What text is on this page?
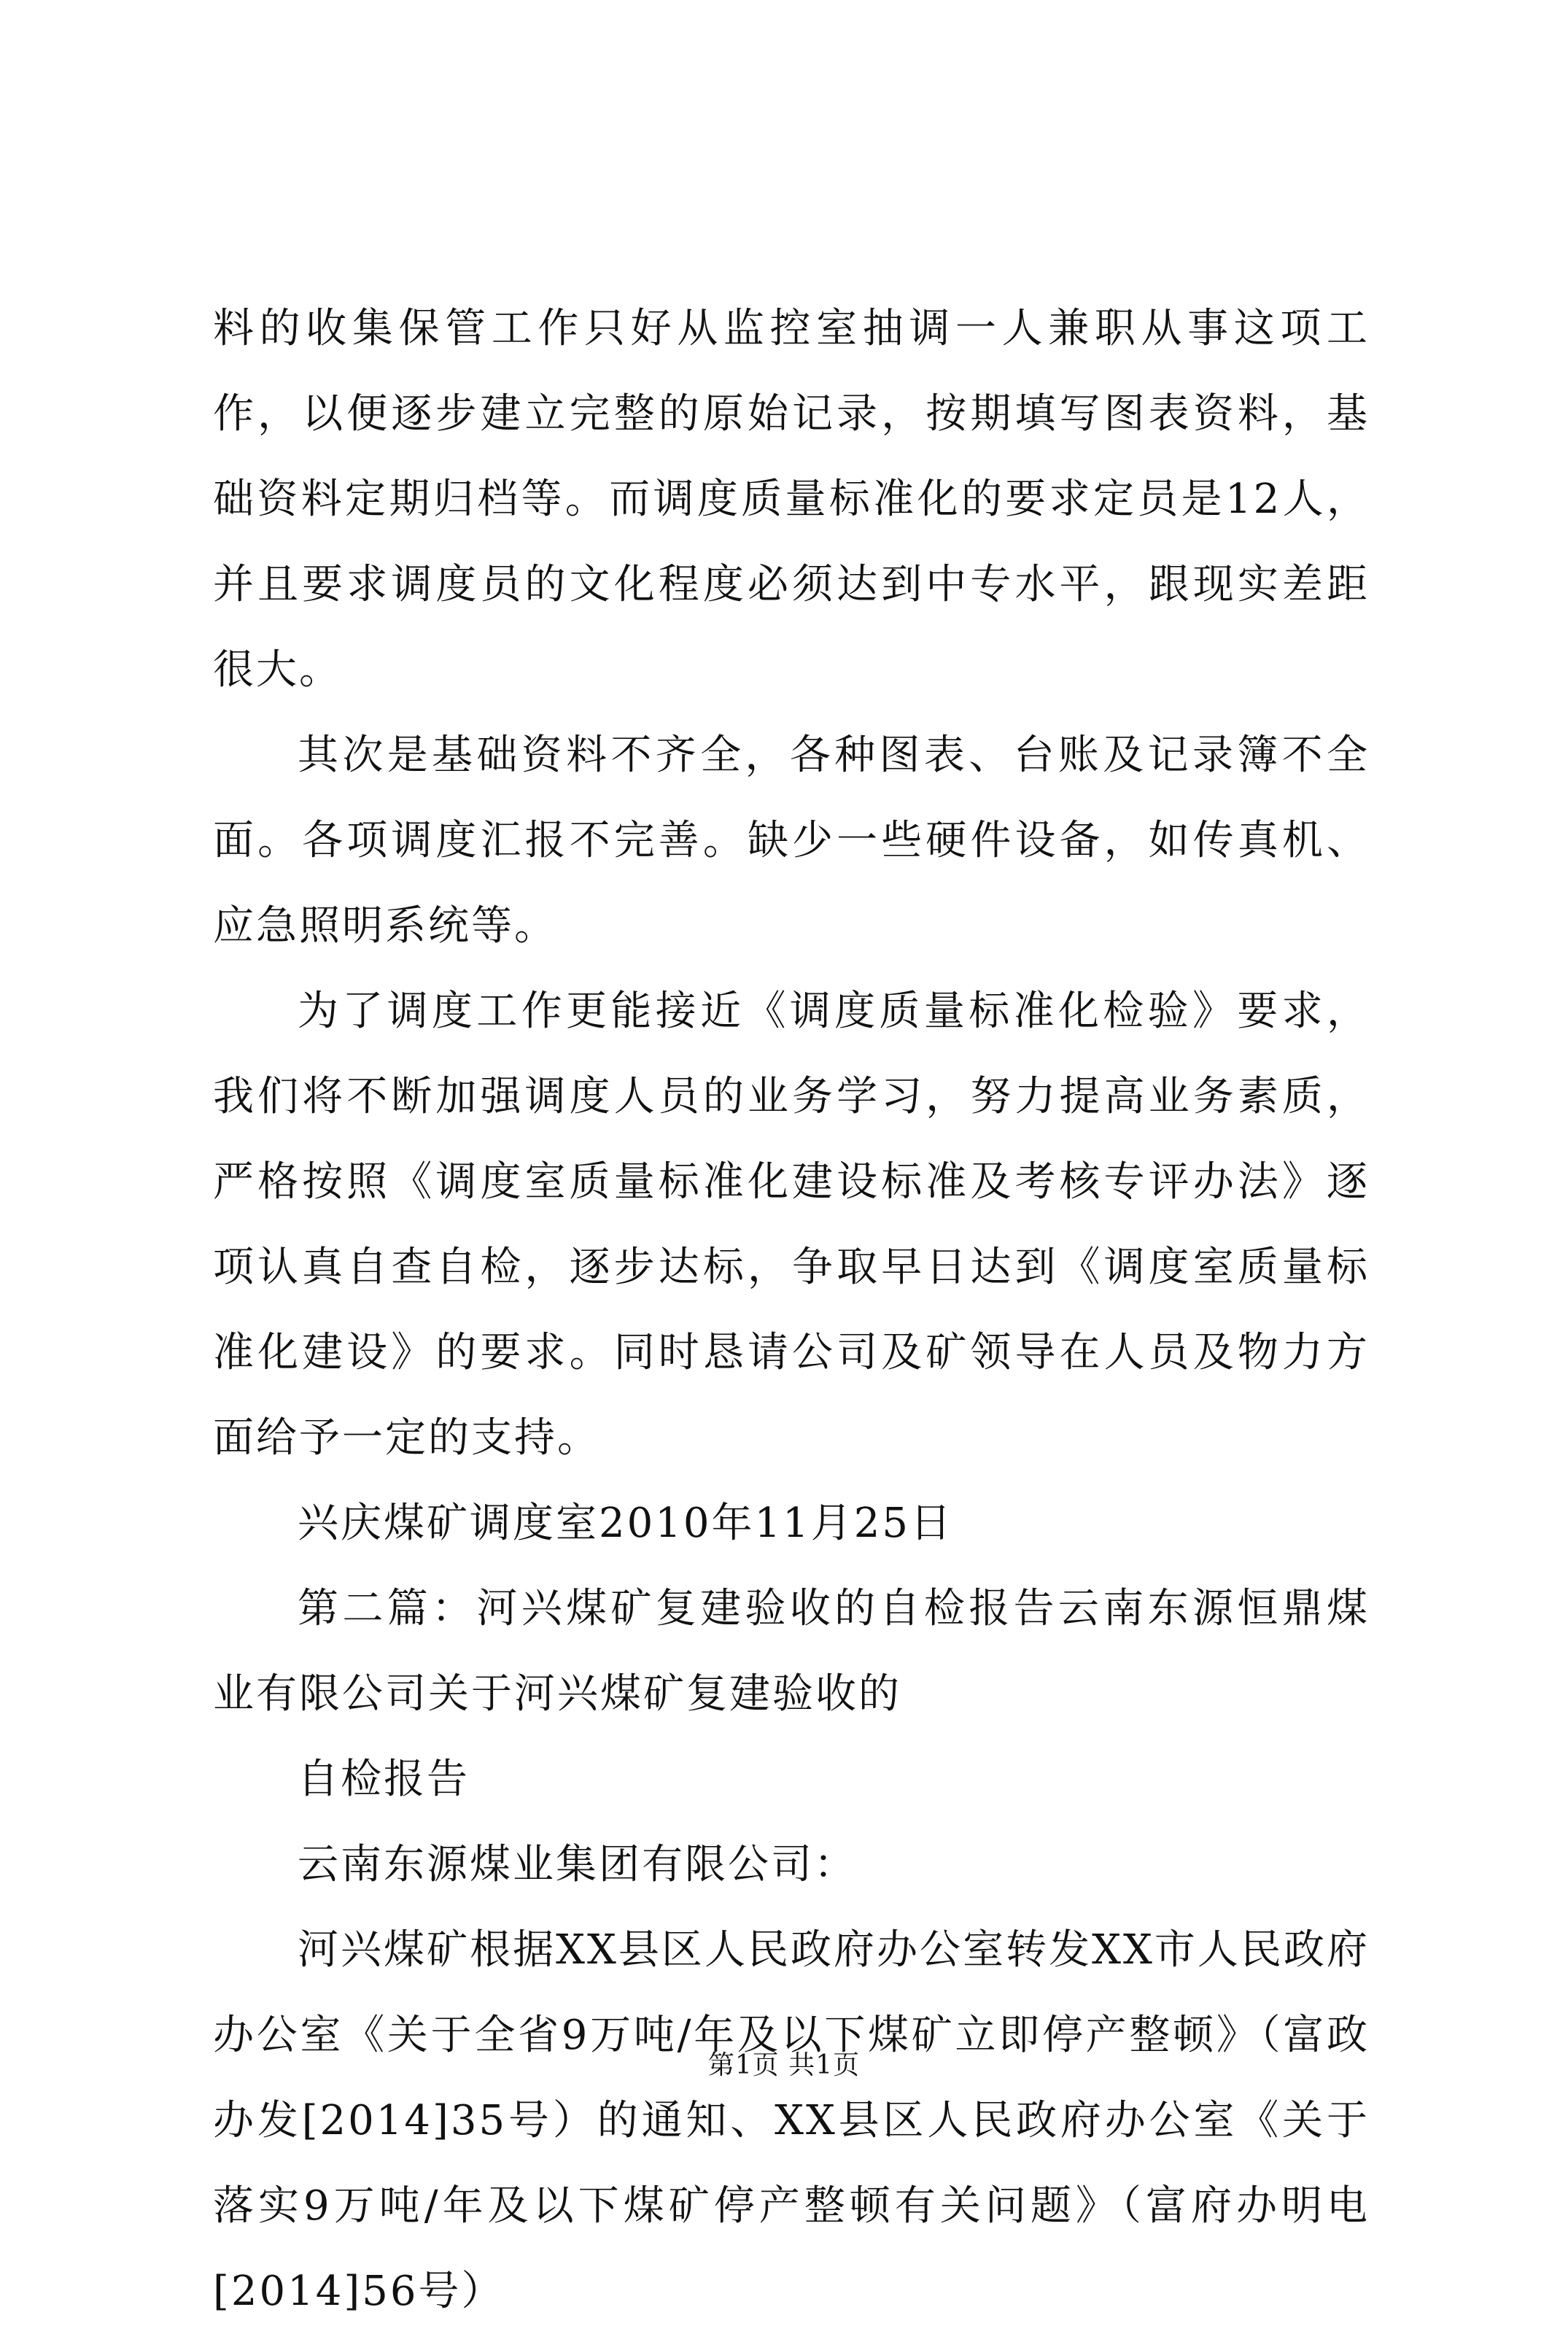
料的收集保管工作只好从监控室抽调一人兼职从事这项工作，以便逐步建立完整的原始记录，按期填写图表资料，基础资料定期归档等。而调度质量标准化的要求定员是12人，并且要求调度员的文化程度必须达到中专水平，跟现实差距很大。

其次是基础资料不齐全，各种图表、台账及记录簿不全面。各项调度汇报不完善。缺少一些硬件设备，如传真机、应急照明系统等。

为了调度工作更能接近《调度质量标准化检验》要求，我们将不断加强调度人员的业务学习，努力提高业务素质，严格按照《调度室质量标准化建设标准及考核专评办法》逐项认真自查自检，逐步达标，争取早日达到《调度室质量标准化建设》的要求。同时恳请公司及矿领导在人员及物力方面给予一定的支持。

兴庆煤矿调度室2010年11月25日

第二篇：河兴煤矿复建验收的自检报告云南东源恒鼎煤业有限公司关于河兴煤矿复建验收的

自检报告

云南东源煤业集团有限公司：

河兴煤矿根据XX县区人民政府办公室转发XX市人民政府办公室《关于全省9万吨/年及以下煤矿立即停产整顿》（富政办发[2014]35号）的通知、XX县区人民政府办公室《关于落实9万吨/年及以下煤矿停产整顿有关问题》（富府办明电[2014]56号）

第1页 共1页
